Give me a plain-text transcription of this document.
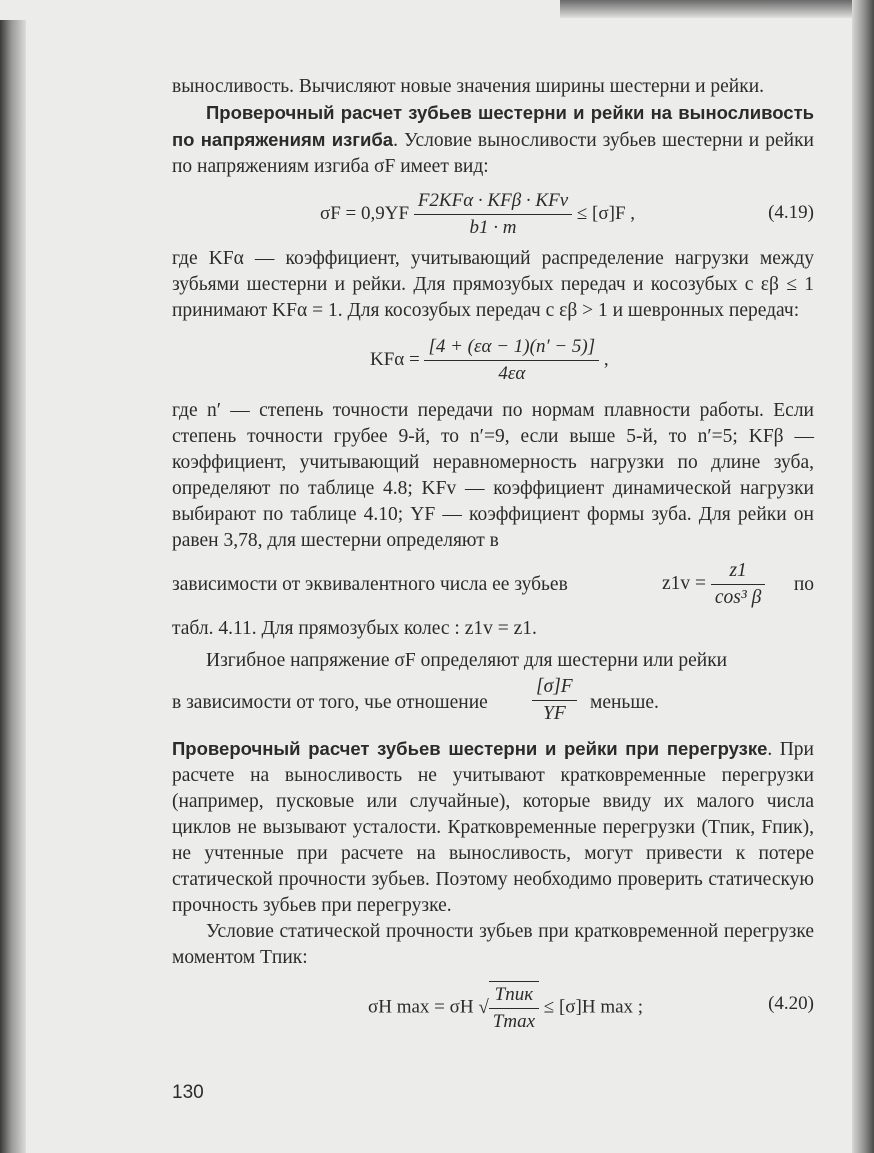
выносливость. Вычисляют новые значения ширины шестерни и рейки.

Проверочный расчет зубьев шестерни и рейки на выносливость по напряжениям изгиба. Условие выносливости зубьев шестерни и рейки по напряжениям изгиба σF имеет вид:

$\sigma F = 0,9YF \frac{\text{F2KFα · KFβ · KFv}}{b1 \cdot m} \le [\sigma]F$ ,	(4.19)

где KFα — коэффициент, учитывающий распределение нагрузки между зубьями шестерни и рейки. Для прямозубых передач и косозубых с εβ ≤ 1 принимают KFα = 1. Для косозубых передач с εβ > 1 и шевронных передач:

$KF\alpha = \frac{[4 + (\varepsilon\alpha - 1)(n' - 5)]}{4\varepsilon\alpha}$ ,

где n′ — степень точности передачи по нормам плавности работы. Если степень точности грубее 9-й, то n′=9, если выше 5-й, то n′=5; KFβ — коэффициент, учитывающий неравномерность нагрузки по длине зуба, определяют по таблице 4.8; KFv — коэффициент динамической нагрузки выбирают по таблице 4.10; YF — коэффициент формы зуба. Для рейки он равен 3,78, для шестерни определяют в

зависимости от эквивалентного числа ее зубьев	$z1v = \frac{z1}{\text{cos³ β}}$ по

табл. 4.11. Для прямозубых колес : z1v = z1.

Изгибное напряжение σF определяют для шестерни или рейки

в зависимости от того, чье отношение $\frac{[\sigma]F}{YF}$ меньше.

Проверочный расчет зубьев шестерни и рейки при перегрузке. При расчете на выносливость не учитывают кратковременные перегрузки (например, пусковые или случайные), которые ввиду их малого числа циклов не вызывают усталости. Кратковременные перегрузки (Tпик, Fпик), не учтенные при расчете на выносливость, могут привести к потере статической прочности зубьев. Поэтому необходимо проверить статическую прочность зубьев при перегрузке.

Условие статической прочности зубьев при кратковременной перегрузке моментом Tпик:

σH max = σH √ $\frac{\text{Tпик}}{Tmax} \le [\sigma]H$ max ;	(4.20)
130
